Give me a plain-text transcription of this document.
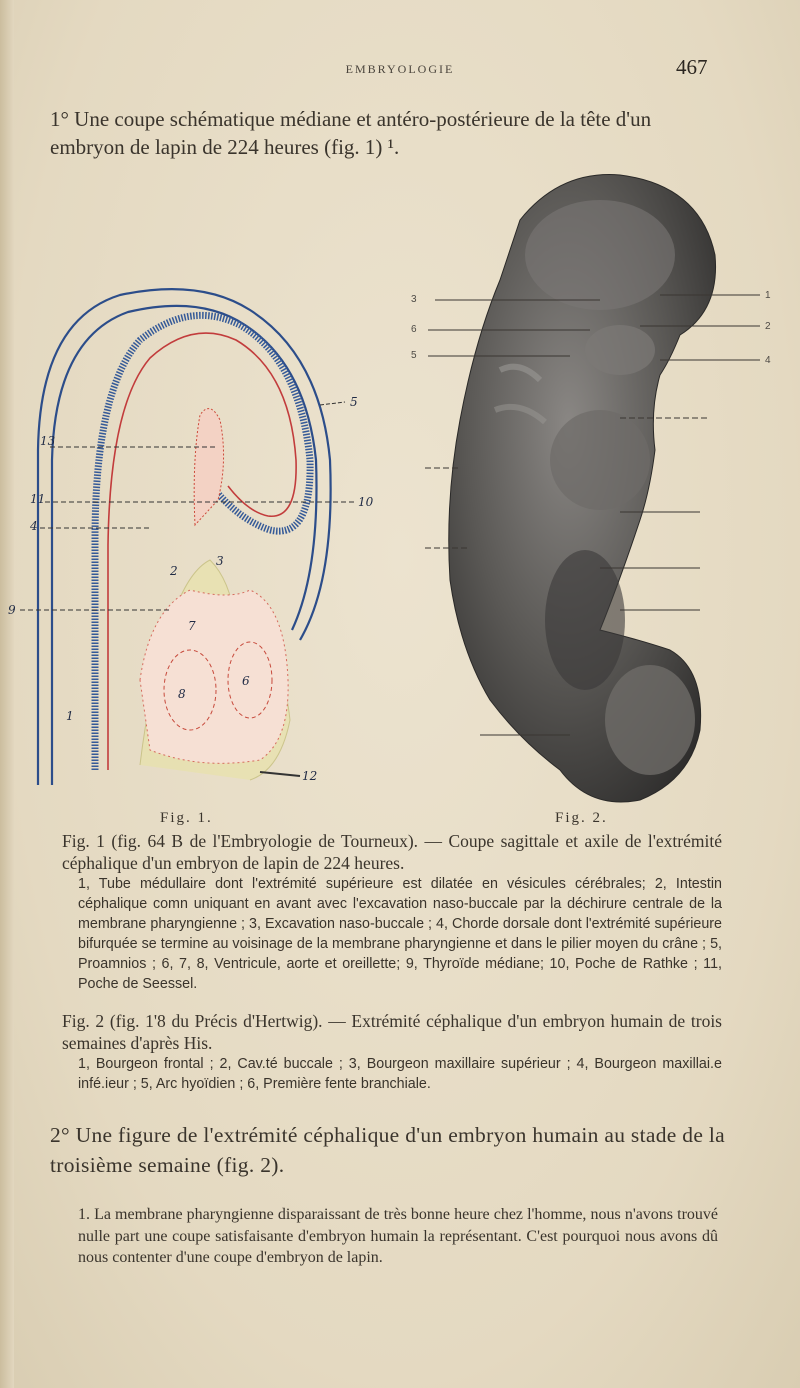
EMBRYOLOGIE	467
1° Une coupe schématique médiane et antéro-postérieure de la tête d'un embryon de lapin de 224 heures (fig. 1) ¹.
5
13
10
11
4
3
2
9
7
8
6
1
12
3
6
5
1
2
4
Fig. 1.	Fig. 2.
Fig. 1 (fig. 64 B de l'Embryologie de Tourneux). — Coupe sagittale et axile de l'extrémité céphalique d'un embryon de lapin de 224 heures.
1, Tube médullaire dont l'extrémité supérieure est dilatée en vésicules cérébrales; 2, Intestin céphalique comn uniquant en avant avec l'excavation naso-buccale par la déchirure centrale de la membrane pharyngienne ; 3, Excavation naso-buccale ; 4, Chorde dorsale dont l'extrémité supérieure bifurquée se termine au voisinage de la membrane pharyngienne et dans le pilier moyen du crâne ; 5, Proamnios ; 6, 7, 8, Ventricule, aorte et oreillette; 9, Thyroïde médiane; 10, Poche de Rathke ; 11, Poche de Seessel.
Fig. 2 (fig. 1'8 du Précis d'Hertwig). — Extrémité céphalique d'un embryon humain de trois semaines d'après His.
1, Bourgeon frontal ; 2, Cav.té buccale ; 3, Bourgeon maxillaire supérieur ; 4, Bourgeon maxillai.e infé.ieur ; 5, Arc hyoïdien ; 6, Première fente branchiale.
2° Une figure de l'extrémité céphalique d'un embryon humain au stade de la troisième semaine (fig. 2).
1. La membrane pharyngienne disparaissant de très bonne heure chez l'homme, nous n'avons trouvé nulle part une coupe satisfaisante d'embryon humain la représentant. C'est pourquoi nous avons dû nous contenter d'une coupe d'embryon de lapin.
